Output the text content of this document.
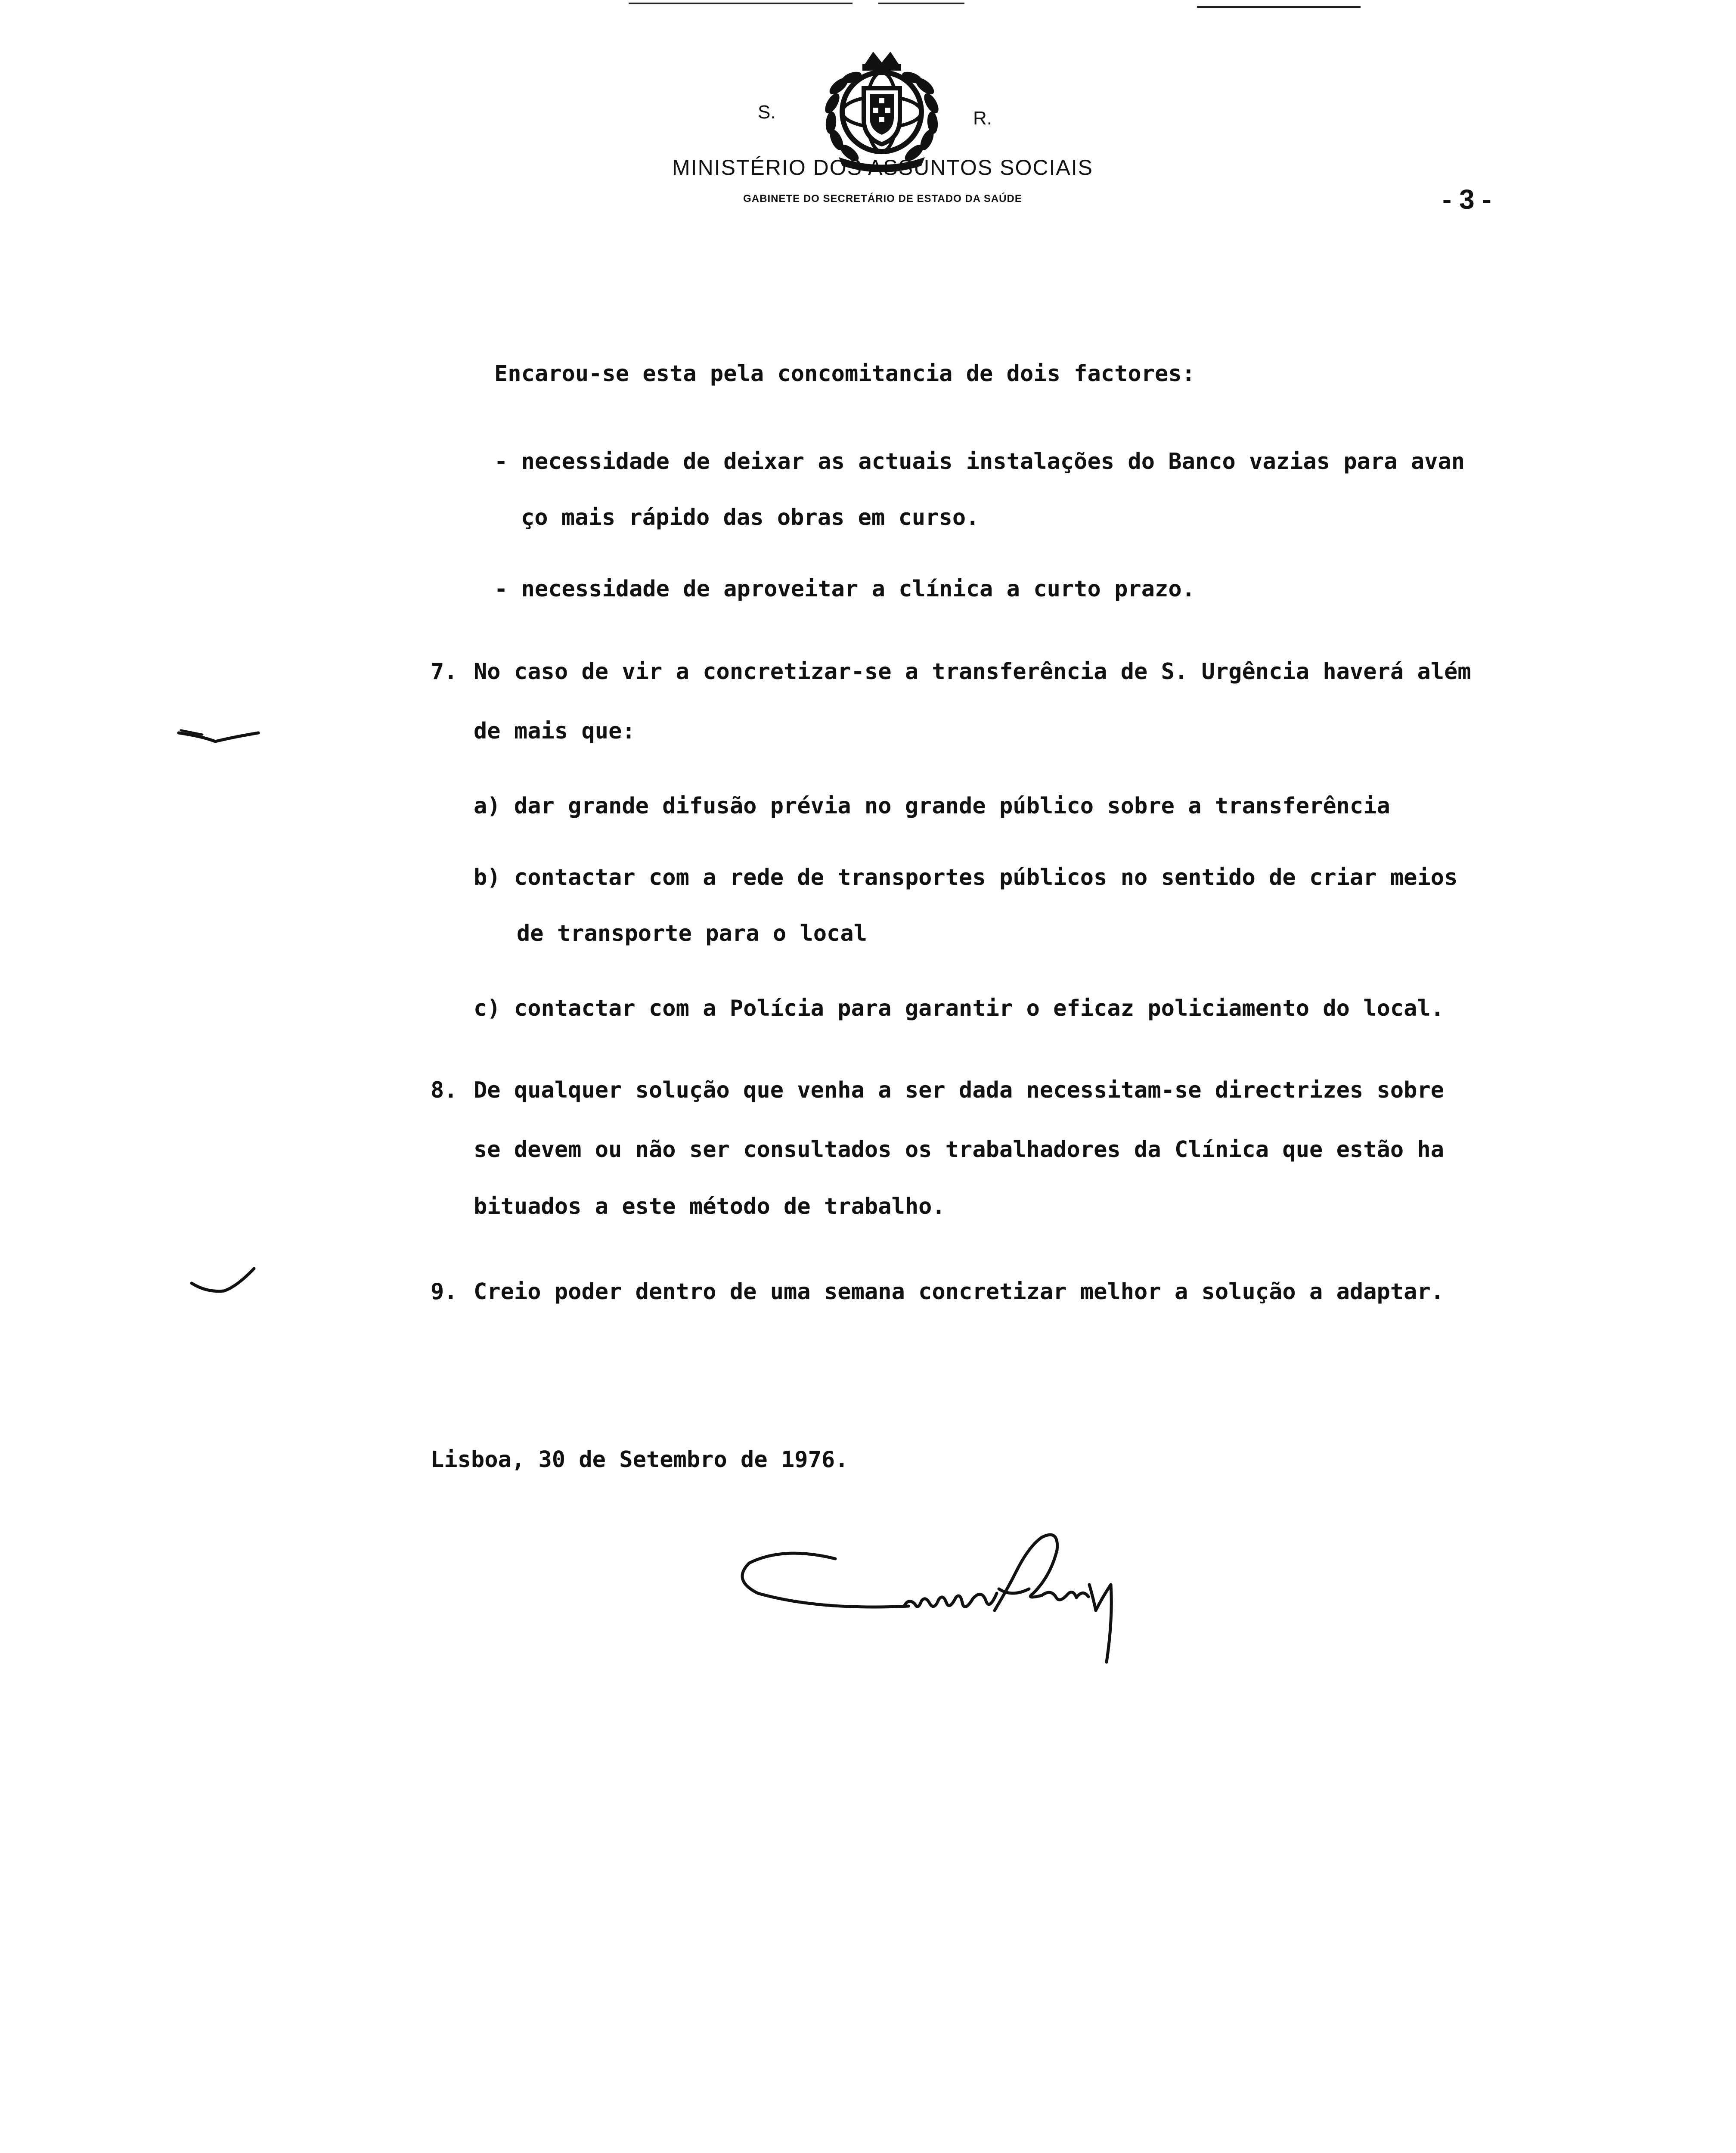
S.	R.
MINISTÉRIO DOS ASSUNTOS SOCIAIS
GABINETE DO SECRETÁRIO DE ESTADO DA SAÚDE	- 3 -
Encarou-se esta pela concomitancia de dois factores:
- necessidade de deixar as actuais instalações do Banco vazias para avan
ço mais rápido das obras em curso.
- necessidade de aproveitar a clínica a curto prazo.
7. No caso de vir a concretizar-se a transferência de S. Urgência haverá além
de mais que:
a) dar grande difusão prévia no grande público sobre a transferência
b) contactar com a rede de transportes públicos no sentido de criar meios
de transporte para o local
c) contactar com a Polícia para garantir o eficaz policiamento do local.
8. De qualquer solução que venha a ser dada necessitam-se directrizes sobre
se devem ou não ser consultados os trabalhadores da Clínica que estão ha
bituados a este método de trabalho.
9. Creio poder dentro de uma semana concretizar melhor a solução a adaptar.
Lisboa, 30 de Setembro de 1976.
